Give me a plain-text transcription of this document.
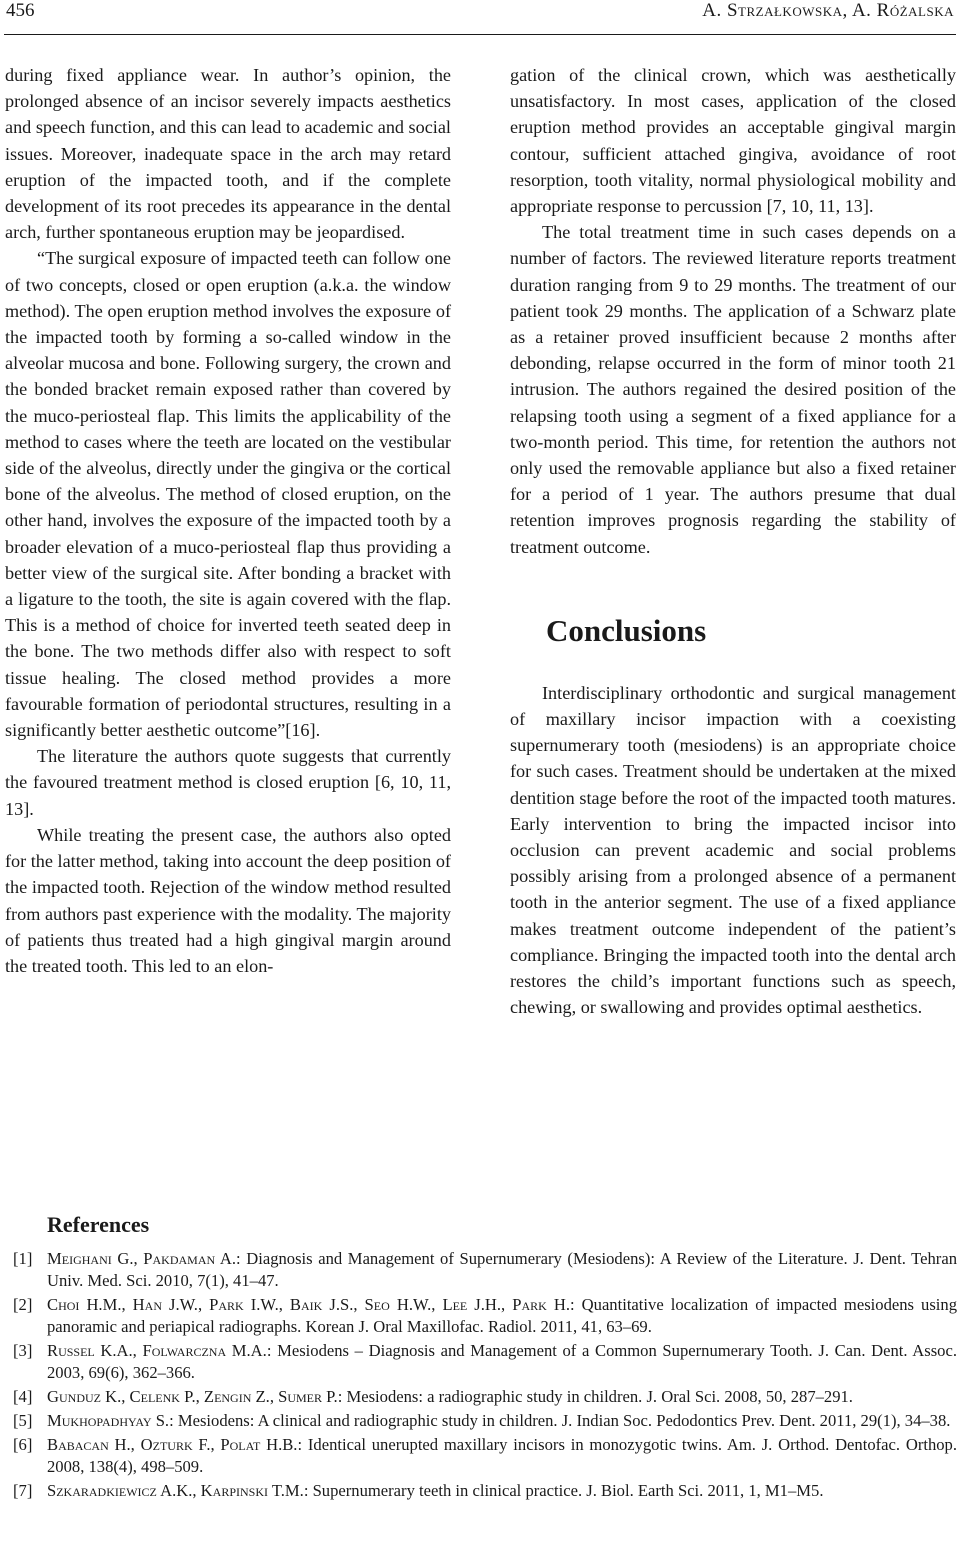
456	A. Strzałkowska, A. Różalska

during fixed appliance wear. In author’s opinion, the prolonged absence of an incisor severely impacts aesthetics and speech function, and this can lead to academic and social issues. Moreover, inadequate space in the arch may retard eruption of the impacted tooth, and if the complete development of its root precedes its appearance in the dental arch, further spontaneous eruption may be jeopardised.

“The surgical exposure of impacted teeth can follow one of two concepts, closed or open eruption (a.k.a. the window method). The open eruption method involves the exposure of the impacted tooth by forming a so-called window in the alveolar mucosa and bone. Following surgery, the crown and the bonded bracket remain exposed rather than covered by the muco-periosteal flap. This limits the applicability of the method to cases where the teeth are located on the vestibular side of the alveolus, directly under the gingiva or the cortical bone of the alveolus. The method of closed eruption, on the other hand, involves the exposure of the impacted tooth by a broader elevation of a muco-periosteal flap thus providing a better view of the surgical site. After bonding a bracket with a ligature to the tooth, the site is again covered with the flap. This is a method of choice for inverted teeth seated deep in the bone. The two methods differ also with respect to soft tissue healing. The closed method provides a more favourable formation of periodontal structures, resulting in a significantly better aesthetic outcome”[16].

The literature the authors quote suggests that currently the favoured treatment method is closed eruption [6, 10, 11, 13].

While treating the present case, the authors also opted for the latter method, taking into account the deep position of the impacted tooth. Rejection of the window method resulted from authors past experience with the modality. The majority of patients thus treated had a high gingival margin around the treated tooth. This led to an elon-

gation of the clinical crown, which was aesthetically unsatisfactory. In most cases, application of the closed eruption method provides an acceptable gingival margin contour, sufficient attached gingiva, avoidance of root resorption, tooth vitality, normal physiological mobility and appropriate response to percussion [7, 10, 11, 13].

The total treatment time in such cases depends on a number of factors. The reviewed literature reports treatment duration ranging from 9 to 29 months. The treatment of our patient took 29 months. The application of a Schwarz plate as a retainer proved insufficient because 2 months after debonding, relapse occurred in the form of minor tooth 21 intrusion. The authors regained the desired position of the relapsing tooth using a segment of a fixed appliance for a two-month period. This time, for retention the authors not only used the removable appliance but also a fixed retainer for a period of 1 year. The authors presume that dual retention improves prognosis regarding the stability of treatment outcome.

Conclusions

Interdisciplinary orthodontic and surgical management of maxillary incisor impaction with a coexisting supernumerary tooth (mesiodens) is an appropriate choice for such cases. Treatment should be undertaken at the mixed dentition stage before the root of the impacted tooth matures. Early intervention to bring the impacted incisor into occlusion can prevent academic and social problems possibly arising from a prolonged absence of a permanent tooth in the anterior segment. The use of a fixed appliance makes treatment outcome independent of the patient’s compliance. Bringing the impacted tooth into the dental arch restores the child’s important functions such as speech, chewing, or swallowing and provides optimal aesthetics.

References
[1] Meighani G., Pakdaman A.: Diagnosis and Management of Supernumerary (Mesiodens): A Review of the Literature. J. Dent. Tehran Univ. Med. Sci. 2010, 7(1), 41–47.
[2] Choi H.M., Han J.W., Park I.W., Baik J.S., Seo H.W., Lee J.H., Park H.: Quantitative localization of impacted mesiodens using panoramic and periapical radiographs. Korean J. Oral Maxillofac. Radiol. 2011, 41, 63–69.
[3] Russel K.A., Folwarczna M.A.: Mesiodens – Diagnosis and Management of a Common Supernumerary Tooth. J. Can. Dent. Assoc. 2003, 69(6), 362–366.
[4] Gunduz K., Celenk P., Zengin Z., Sumer P.: Mesiodens: a radiographic study in children. J. Oral Sci. 2008, 50, 287–291.
[5] Mukhopadhyay S.: Mesiodens: A clinical and radiographic study in children. J. Indian Soc. Pedodontics Prev. Dent. 2011, 29(1), 34–38.
[6] Babacan H., Ozturk F., Polat H.B.: Identical unerupted maxillary incisors in monozygotic twins. Am. J. Orthod. Dentofac. Orthop. 2008, 138(4), 498–509.
[7] Szkaradkiewicz A.K., Karpinski T.M.: Supernumerary teeth in clinical practice. J. Biol. Earth Sci. 2011, 1, M1–M5.
